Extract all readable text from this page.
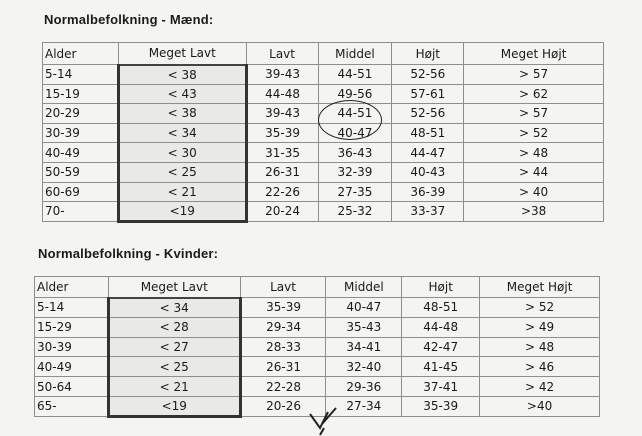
Normalbefolkning - Mænd:
Alder	Meget Lavt	Lavt	Middel	Højt	Meget Højt
5-14	< 38	39-43	44-51	52-56	> 57
15-19	< 43	44-48	49-56	57-61	> 62
20-29	< 38	39-43	44-51	52-56	> 57
30-39	< 34	35-39	40-47	48-51	> 52
40-49	< 30	31-35	36-43	44-47	> 48
50-59	< 25	26-31	32-39	40-43	> 44
60-69	< 21	22-26	27-35	36-39	> 40
70-	<19	20-24	25-32	33-37	>38
Normalbefolkning - Kvinder:
Alder	Meget Lavt	Lavt	Middel	Højt	Meget Højt
5-14	< 34	35-39	40-47	48-51	> 52
15-29	< 28	29-34	35-43	44-48	> 49
30-39	< 27	28-33	34-41	42-47	> 48
40-49	< 25	26-31	32-40	41-45	> 46
50-64	< 21	22-28	29-36	37-41	> 42
65-	<19	20-26	27-34	35-39	>40
